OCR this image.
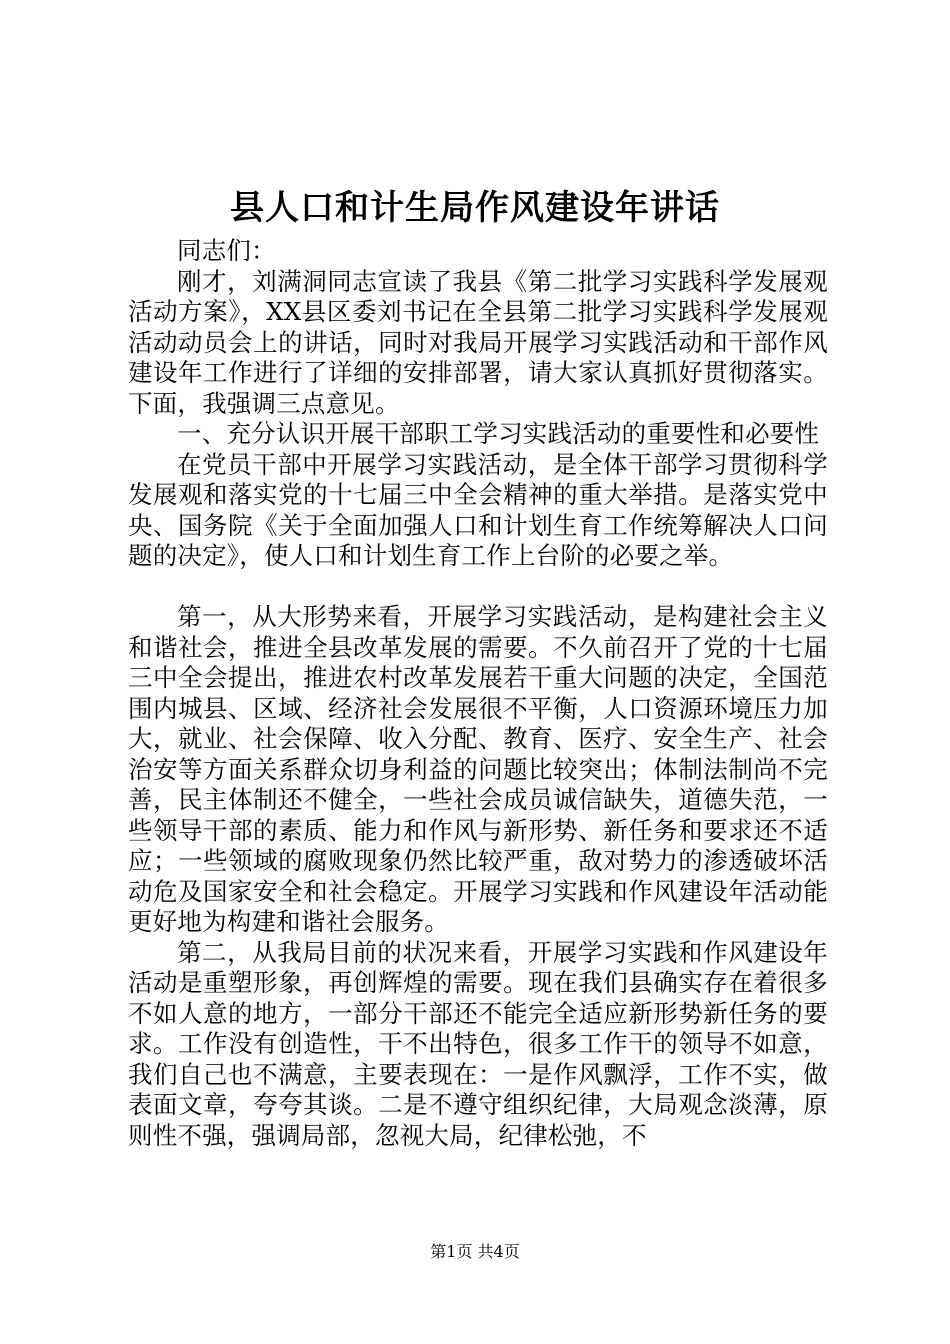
县人口和计生局作风建设年讲话

同志们：

刚才，刘满洞同志宣读了我县《第二批学习实践科学发展观活动方案》，XX县区委刘书记在全县第二批学习实践科学发展观活动动员会上的讲话，同时对我局开展学习实践活动和干部作风建设年工作进行了详细的安排部署，请大家认真抓好贯彻落实。下面，我强调三点意见。

一、充分认识开展干部职工学习实践活动的重要性和必要性

在党员干部中开展学习实践活动，是全体干部学习贯彻科学发展观和落实党的十七届三中全会精神的重大举措。是落实党中央、国务院《关于全面加强人口和计划生育工作统筹解决人口问题的决定》，使人口和计划生育工作上台阶的必要之举。

第一，从大形势来看，开展学习实践活动，是构建社会主义和谐社会，推进全县改革发展的需要。不久前召开了党的十七届三中全会提出，推进农村改革发展若干重大问题的决定，全国范围内城县、区域、经济社会发展很不平衡，人口资源环境压力加大，就业、社会保障、收入分配、教育、医疗、安全生产、社会治安等方面关系群众切身利益的问题比较突出；体制法制尚不完善，民主体制还不健全，一些社会成员诚信缺失，道德失范，一些领导干部的素质、能力和作风与新形势、新任务和要求还不适应；一些领域的腐败现象仍然比较严重，敌对势力的渗透破坏活动危及国家安全和社会稳定。开展学习实践和作风建设年活动能更好地为构建和谐社会服务。

第二，从我局目前的状况来看，开展学习实践和作风建设年活动是重塑形象，再创辉煌的需要。现在我们县确实存在着很多不如人意的地方，一部分干部还不能完全适应新形势新任务的要求。工作没有创造性，干不出特色，很多工作干的领导不如意，我们自己也不满意，主要表现在：一是作风飘浮，工作不实，做表面文章，夸夸其谈。二是不遵守组织纪律，大局观念淡薄，原则性不强，强调局部，忽视大局，纪律松弛，不

第1页 共4页
